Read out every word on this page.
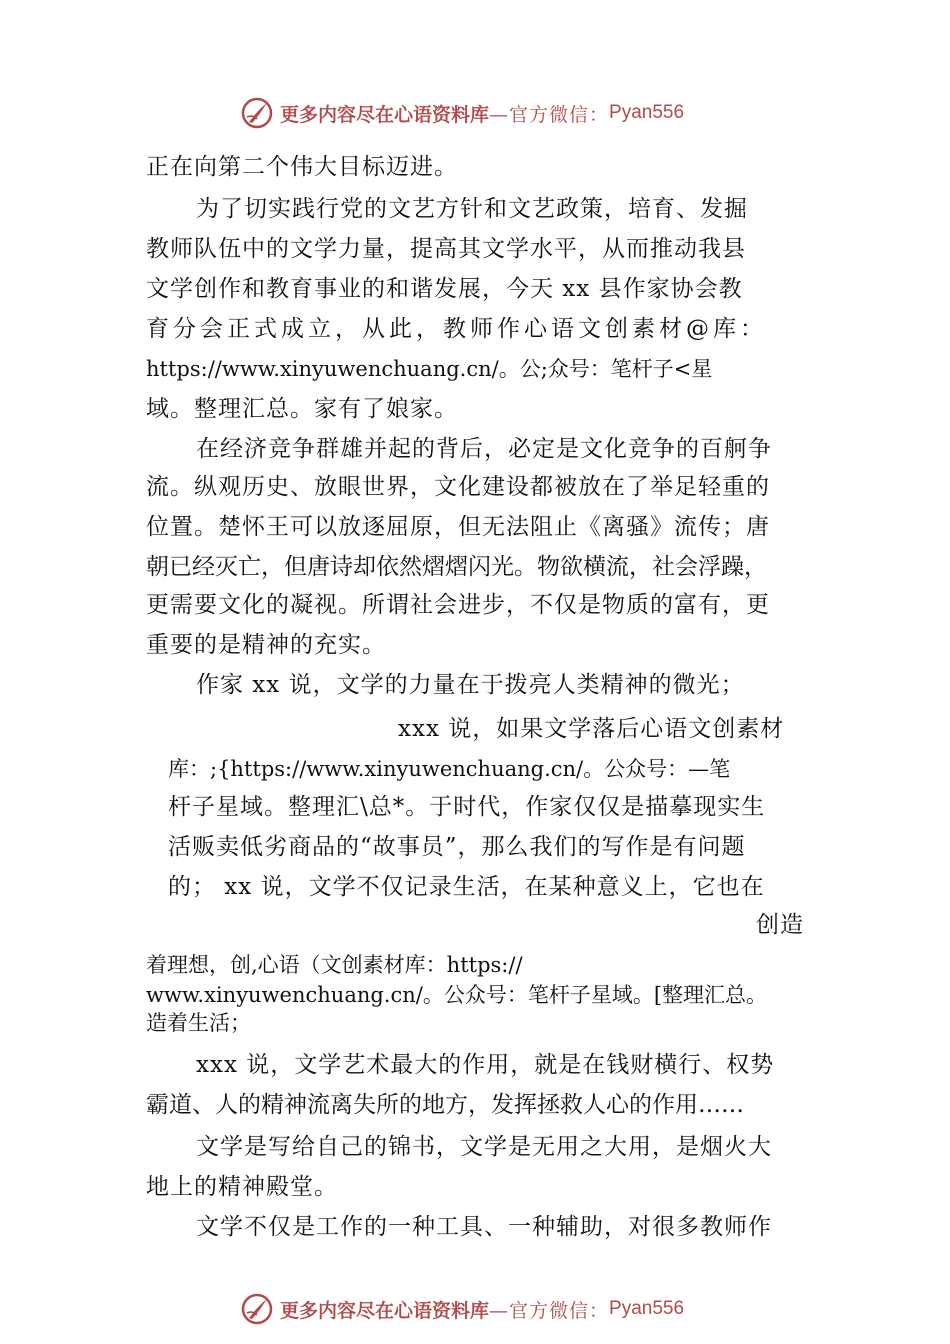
更多内容尽在心语资料库 —官方微信： Pyan556
正在向第二个伟大目标迈进。
为了切实践行党的文艺方针和文艺政策，培育、发掘
教师队伍中的文学力量，提高其文学水平，从而推动我县
文学创作和教育事业的和谐发展，今天 xx 县作家协会教
育分会正式成立，从此，教师作心语文创素材@库：
https://www.xinyuwenchuang.cn/。公;众号：笔杆子<星
域。整理汇总。家有了娘家。
在经济竞争群雄并起的背后，必定是文化竞争的百舸争
流。纵观历史、放眼世界，文化建设都被放在了举足轻重的
位置。楚怀王可以放逐屈原，但无法阻止《离骚》流传；唐
朝已经灭亡，但唐诗却依然熠熠闪光。物欲横流，社会浮躁，
更需要文化的凝视。所谓社会进步，不仅是物质的富有，更
重要的是精神的充实。
作家 xx 说，文学的力量在于拨亮人类精神的微光；
xxx 说，如果文学落后心语文创素材
库：;{https://www.xinyuwenchuang.cn/。公众号：—笔
杆子星域。整理汇\总*。于时代，作家仅仅是描摹现实生
活贩卖低劣商品的“故事员”，那么我们的写作是有问题
的； xx 说，文学不仅记录生活，在某种意义上，它也在
创造
着理想，创,心语（文创素材库：https://
www.xinyuwenchuang.cn/。公众号：笔杆子星域。[整理汇总。
造着生活；
xxx 说，文学艺术最大的作用，就是在钱财横行、权势
霸道、人的精神流离失所的地方，发挥拯救人心的作用……
文学是写给自己的锦书，文学是无用之大用，是烟火大
地上的精神殿堂。
文学不仅是工作的一种工具、一种辅助，对很多教师作
更多内容尽在心语资料库 —官方微信： Pyan556
